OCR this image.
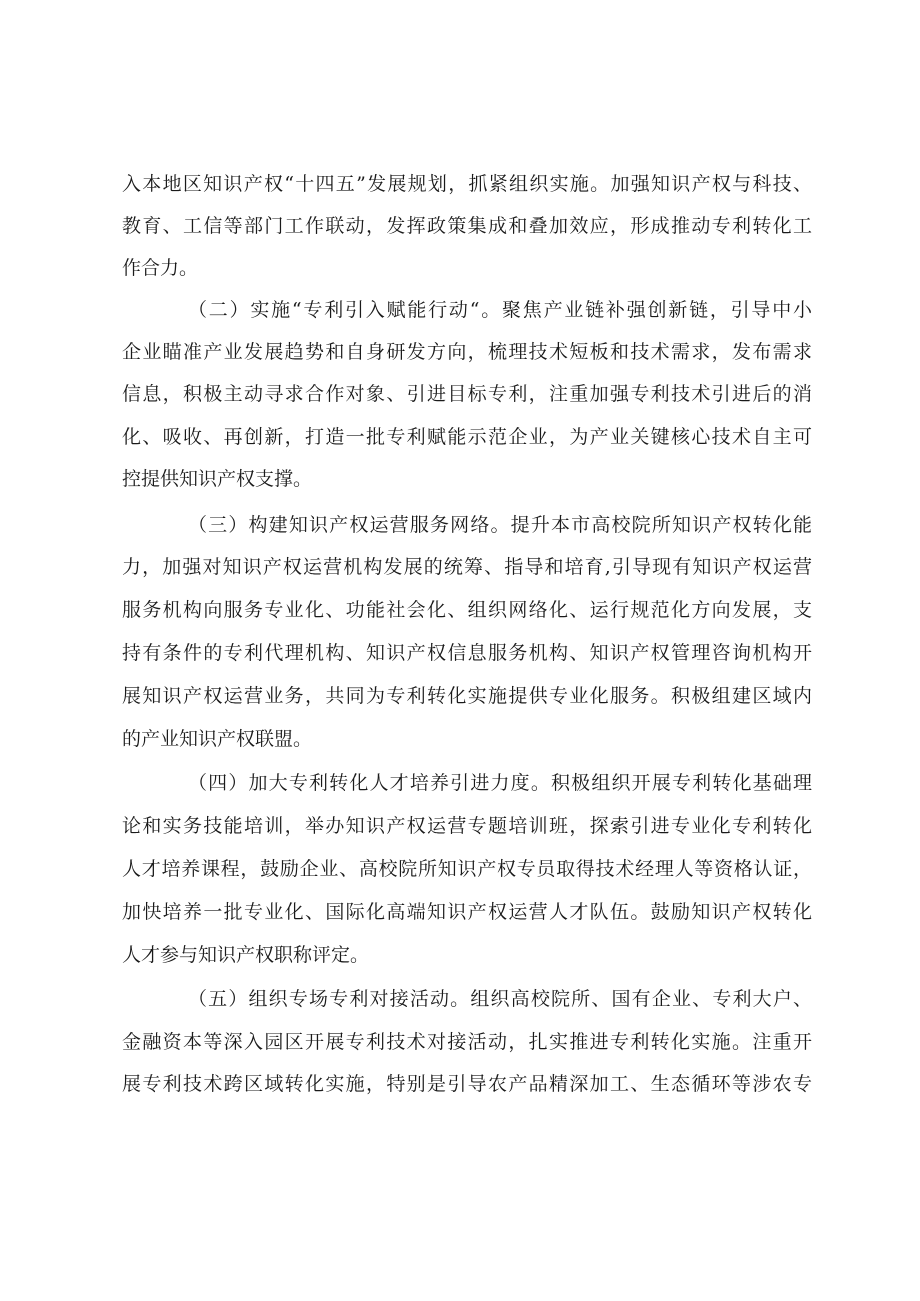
入本地区知识产权“十四五”发展规划，抓紧组织实施。加强知识产权与科技、
教育、工信等部门工作联动，发挥政策集成和叠加效应，形成推动专利转化工
作合力。
（二）实施“专利引入赋能行动“。聚焦产业链补强创新链，引导中小
企业瞄准产业发展趋势和自身研发方向，梳理技术短板和技术需求，发布需求
信息，积极主动寻求合作对象、引进目标专利，注重加强专利技术引进后的消
化、吸收、再创新，打造一批专利赋能示范企业，为产业关键核心技术自主可
控提供知识产权支撑。
（三）构建知识产权运营服务网络。提升本市高校院所知识产权转化能
力，加强对知识产权运营机构发展的统筹、指导和培育,引导现有知识产权运营
服务机构向服务专业化、功能社会化、组织网络化、运行规范化方向发展，支
持有条件的专利代理机构、知识产权信息服务机构、知识产权管理咨询机构开
展知识产权运营业务，共同为专利转化实施提供专业化服务。积极组建区域内
的产业知识产权联盟。
（四）加大专利转化人才培养引进力度。积极组织开展专利转化基础理
论和实务技能培训，举办知识产权运营专题培训班，探索引进专业化专利转化
人才培养课程，鼓励企业、高校院所知识产权专员取得技术经理人等资格认证，
加快培养一批专业化、国际化高端知识产权运营人才队伍。鼓励知识产权转化
人才参与知识产权职称评定。
（五）组织专场专利对接活动。组织高校院所、国有企业、专利大户、
金融资本等深入园区开展专利技术对接活动，扎实推进专利转化实施。注重开
展专利技术跨区域转化实施，特别是引导农产品精深加工、生态循环等涉农专
